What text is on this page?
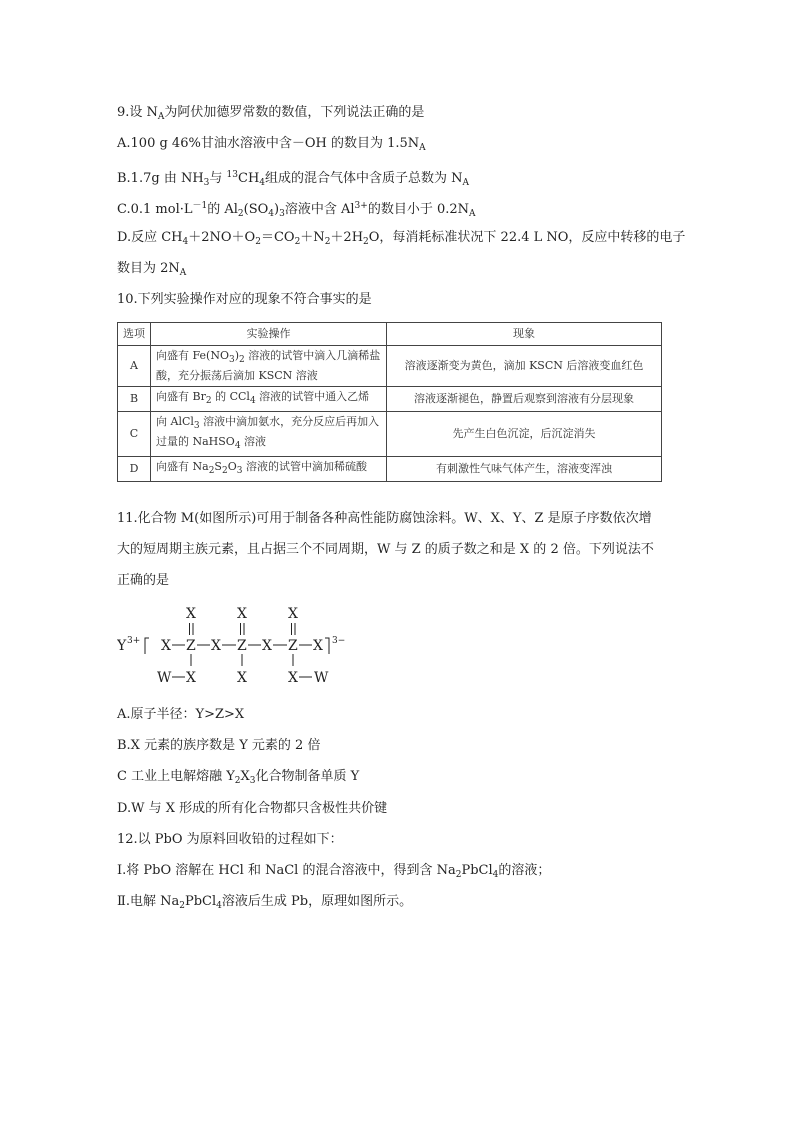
9.设 $N_A$为阿伏加德罗常数的数值，下列说法正确的是
A.100 g 46%甘油水溶液中含－OH 的数目为 $1.5N_A$
B.1.7g 由 $NH_3$与 $^{13}CH_4$组成的混合气体中含质子总数为 $N_A$
C.0.1 $mol\cdot L^{-1}$的 $Al_2(SO_4)_3$溶液中含 $Al^{3+}$的数目小于 $0.2N_A$
D.反应 $CH_4+2NO+O_2=CO_2+N_2+2H_2O$，每消耗标准状况下 22.4 L NO，反应中转移的电子
数目为 $2N_A$
10.下列实验操作对应的现象不符合事实的是
选项	实验操作	现象
A	向盛有 $Fe(NO_3)_2$ 溶液的试管中滴入几滴稀盐酸，充分振荡后滴加 KSCN 溶液	溶液逐渐变为黄色，滴加 KSCN 后溶液变血红色
B	向盛有 $Br_2$ 的 CCl$_4$ 溶液的试管中通入乙烯	溶液逐渐褪色，静置后观察到溶液有分层现象
C	向 AlCl$_3$ 溶液中滴加氨水，充分反应后再加入过量的 NaHSO$_4$ 溶液	先产生白色沉淀，后沉淀消失
D	向盛有 $Na_2S_2O_3$ 溶液的试管中滴加稀硫酸	有刺激性气味气体产生，溶液变浑浊
11.化合物 M(如图所示)可用于制备各种高性能防腐蚀涂料。W、X、Y、Z 是原子序数依次增
大的短周期主族元素，且占据三个不同周期，W 与 Z 的质子数之和是 X 的 2 倍。下列说法不
正确的是
X	X	X
Y 3+ X Z X Z X Z X 3−
W X	X	X W
A.原子半径：Y>Z>X
B.X 元素的族序数是 Y 元素的 2 倍
C 工业上电解熔融 $Y_2X_3$化合物制备单质 Y
D.W 与 X 形成的所有化合物都只含极性共价键
12.以 PbO 为原料回收铅的过程如下：
Ⅰ.将 PbO 溶解在 HCl 和 NaCl 的混合溶液中，得到含 $Na_2PbCl_4$的溶液；
Ⅱ.电解 $Na_2PbCl_4$溶液后生成 Pb，原理如图所示。
